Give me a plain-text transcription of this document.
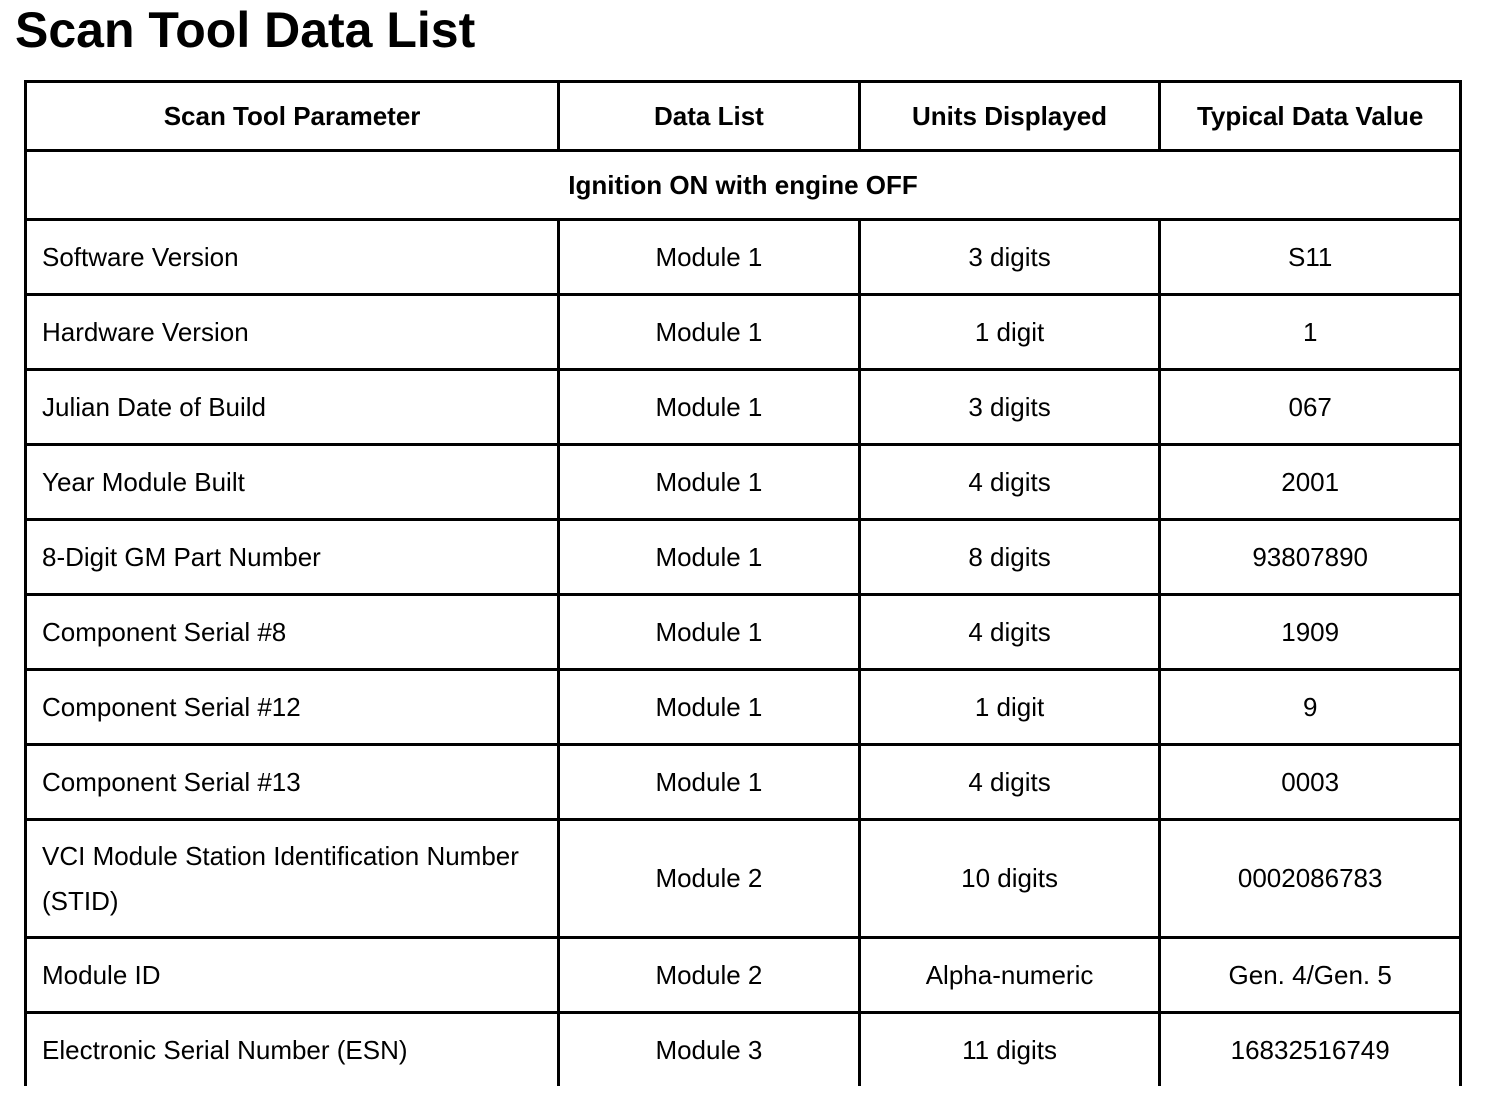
Scan Tool Data List
Scan Tool Parameter	Data List	Units Displayed	Typical Data Value
Ignition ON with engine OFF			
Software Version	Module 1	3 digits	S11
Hardware Version	Module 1	1 digit	1
Julian Date of Build	Module 1	3 digits	067
Year Module Built	Module 1	4 digits	2001
8-Digit GM Part Number	Module 1	8 digits	93807890
Component Serial #8	Module 1	4 digits	1909
Component Serial #12	Module 1	1 digit	9
Component Serial #13	Module 1	4 digits	0003
VCI Module Station Identification Number (STID)	Module 2	10 digits	0002086783
Module ID	Module 2	Alpha-numeric	Gen. 4/Gen. 5
Electronic Serial Number (ESN)	Module 3	11 digits	16832516749
